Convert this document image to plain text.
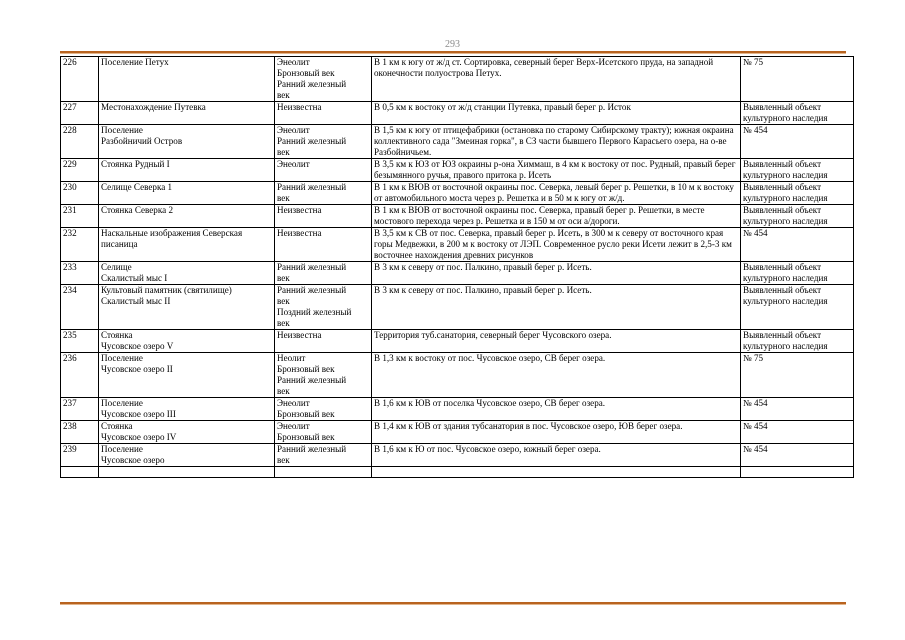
293
226	Поселение Петух	Энеолит
Бронзовый век
Ранний железный
век	В 1 км к югу от ж/д ст. Сортировка, северный берег Верх-Исетского пруда, на западной оконечности полуострова Петух.	№ 75
227	Местонахождение Путевка	Неизвестна	В 0,5 км к востоку от ж/д станции Путевка, правый берег р. Исток	Выявленный объект
культурного наследия
228	Поселение
Разбойничий Остров	Энеолит
Ранний железный
век	В 1,5 км к югу от птицефабрики (остановка по старому Сибирскому тракту); южная окраина коллективного сада "Змеиная горка", в СЗ части бывшего Первого Карасьего озера, на о-ве Разбойничьем.	№ 454
229	Стоянка Рудный I	Энеолит	В 3,5 км к ЮЗ от ЮЗ окраины р-она Химмаш, в 4 км к востоку от пос. Рудный, правый берег безымянного ручья, правого притока р. Исеть	Выявленный объект
культурного наследия
230	Селище Северка 1	Ранний железный
век	В 1 км к ВЮВ от восточной окраины пос. Северка, левый берег р. Решетки, в 10 м к востоку от автомобильного моста через р. Решетка и в 50 м к югу от ж/д.	Выявленный объект
культурного наследия
231	Стоянка Северка 2	Неизвестна	В 1 км к ВЮВ от восточной окраины пос. Северка, правый берег р. Решетки, в месте мостового перехода через р. Решетка и в 150 м от оси а/дороги.	Выявленный объект
культурного наследия
232	Наскальные изображения Северская писаница	Неизвестна	В 3,5 км к СВ от пос. Северка, правый берег р. Исеть, в 300 м к северу от восточного края горы Медвежки, в 200 м к востоку от ЛЭП. Современное русло реки Исети лежит в 2,5-3 км восточнее нахождения древних рисунков	№ 454
233	Селище
Скалистый мыс I	Ранний железный
век	В 3 км к северу от пос. Палкино, правый берег р. Исеть.	Выявленный объект
культурного наследия
234	Культовый памятник (святилище)
Скалистый мыс II	Ранний железный
век
Поздний железный
век	В 3 км к северу от пос. Палкино, правый берег р. Исеть.	Выявленный объект
культурного наследия
235	Стоянка
Чусовское озеро V	Неизвестна	Территория туб.санатория, северный берег Чусовского озера.	Выявленный объект
культурного наследия
236	Поселение
Чусовское озеро II	Неолит
Бронзовый век
Ранний железный
век	В 1,3 км к востоку от пос. Чусовское озеро, СВ берег озера.	№ 75
237	Поселение
Чусовское озеро III	Энеолит
Бронзовый век	В 1,6 км к ЮВ от поселка Чусовское озеро, СВ берег озера.	№ 454
238	Стоянка
Чусовское озеро IV	Энеолит
Бронзовый век	В 1,4 км к ЮВ от здания тубсанатория в пос. Чусовское озеро, ЮВ берег озера.	№ 454
239	Поселение
Чусовское озеро	Ранний железный
век	В 1,6 км к Ю от пос. Чусовское озеро, южный берег озера.	№ 454
